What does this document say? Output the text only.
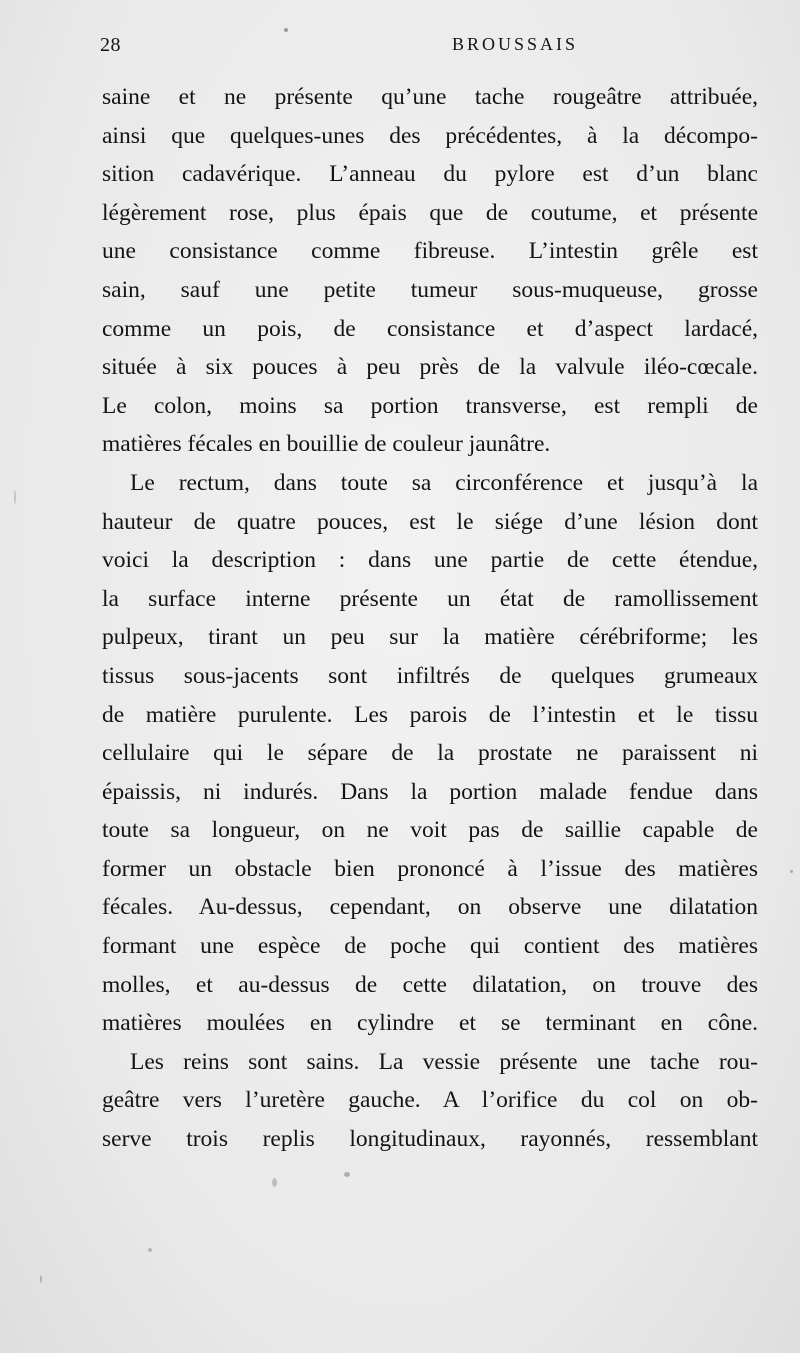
28	BROUSSAIS
saine et ne présente qu’une tache rougeâtre attribuée,
ainsi que quelques-unes des précédentes, à la décompo-
sition cadavérique. L’anneau du pylore est d’un blanc
légèrement rose, plus épais que de coutume, et présente
une consistance comme fibreuse. L’intestin grêle est
sain, sauf une petite tumeur sous-muqueuse, grosse
comme un pois, de consistance et d’aspect lardacé,
située à six pouces à peu près de la valvule iléo-cœcale.
Le colon, moins sa portion transverse, est rempli de
matières fécales en bouillie de couleur jaunâtre.
Le rectum, dans toute sa circonférence et jusqu’à la
hauteur de quatre pouces, est le siége d’une lésion dont
voici la description : dans une partie de cette étendue,
la surface interne présente un état de ramollissement
pulpeux, tirant un peu sur la matière cérébriforme; les
tissus sous-jacents sont infiltrés de quelques grumeaux
de matière purulente. Les parois de l’intestin et le tissu
cellulaire qui le sépare de la prostate ne paraissent ni
épaissis, ni indurés. Dans la portion malade fendue dans
toute sa longueur, on ne voit pas de saillie capable de
former un obstacle bien prononcé à l’issue des matières
fécales. Au-dessus, cependant, on observe une dilatation
formant une espèce de poche qui contient des matières
molles, et au-dessus de cette dilatation, on trouve des
matières moulées en cylindre et se terminant en cône.
Les reins sont sains. La vessie présente une tache rou-
geâtre vers l’uretère gauche. A l’orifice du col on ob-
serve trois replis longitudinaux, rayonnés, ressemblant
